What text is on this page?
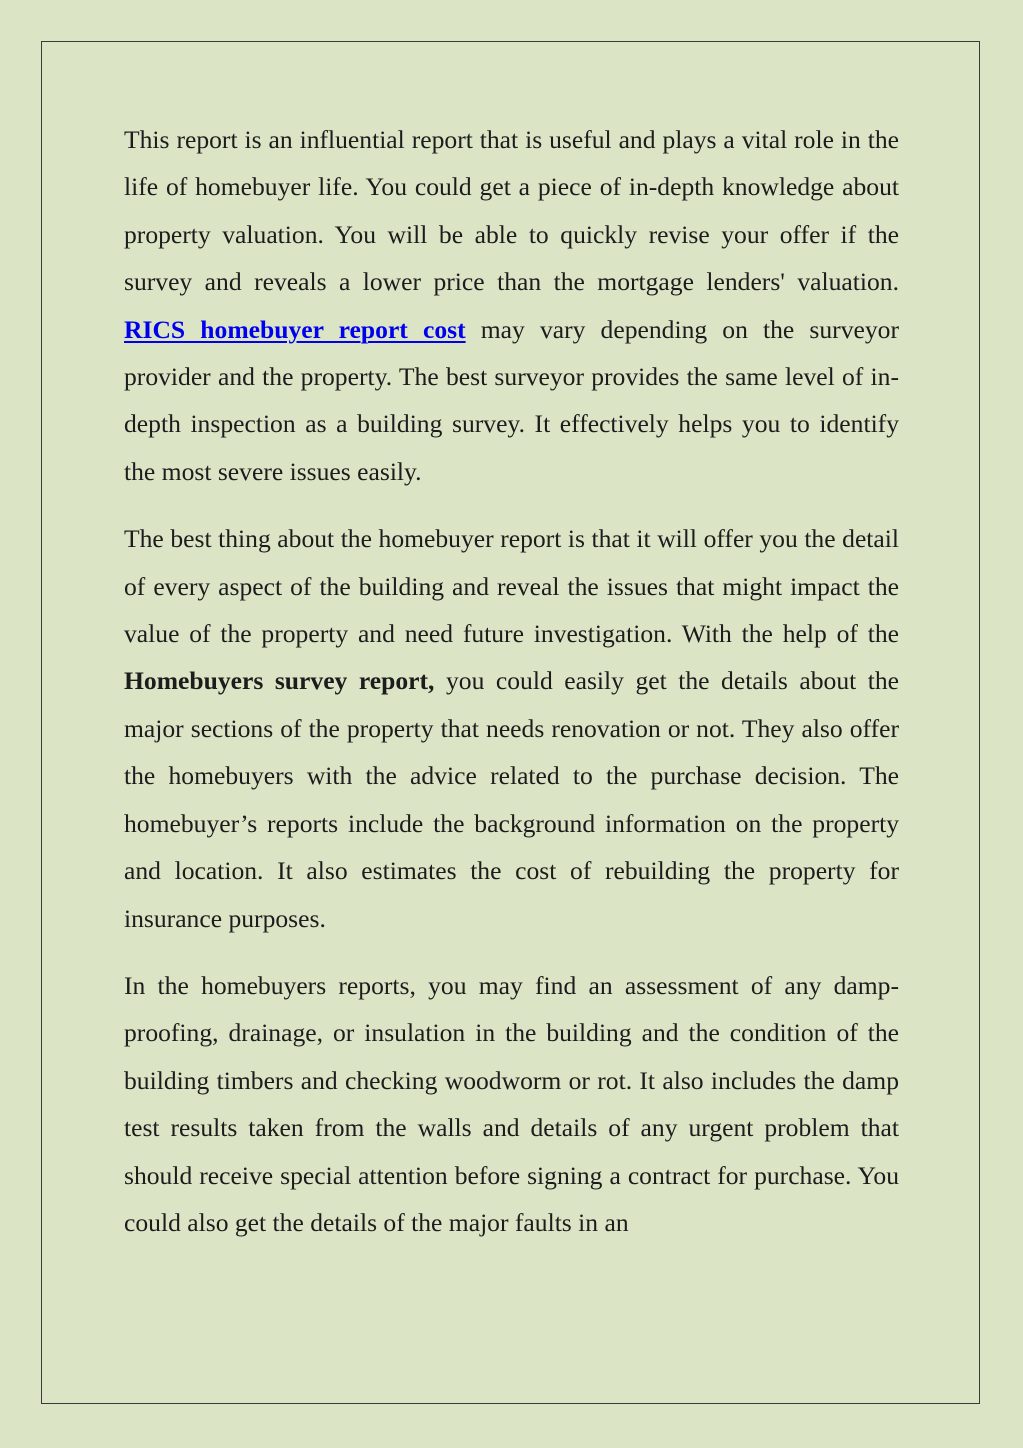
This report is an influential report that is useful and plays a vital role in the life of homebuyer life. You could get a piece of in-depth knowledge about property valuation. You will be able to quickly revise your offer if the survey and reveals a lower price than the mortgage lenders' valuation. RICS homebuyer report cost may vary depending on the surveyor provider and the property. The best surveyor provides the same level of in-depth inspection as a building survey. It effectively helps you to identify the most severe issues easily.

The best thing about the homebuyer report is that it will offer you the detail of every aspect of the building and reveal the issues that might impact the value of the property and need future investigation. With the help of the Homebuyers survey report, you could easily get the details about the major sections of the property that needs renovation or not. They also offer the homebuyers with the advice related to the purchase decision. The homebuyer’s reports include the background information on the property and location. It also estimates the cost of rebuilding the property for insurance purposes.

In the homebuyers reports, you may find an assessment of any damp-proofing, drainage, or insulation in the building and the condition of the building timbers and checking woodworm or rot. It also includes the damp test results taken from the walls and details of any urgent problem that should receive special attention before signing a contract for purchase. You could also get the details of the major faults in an
